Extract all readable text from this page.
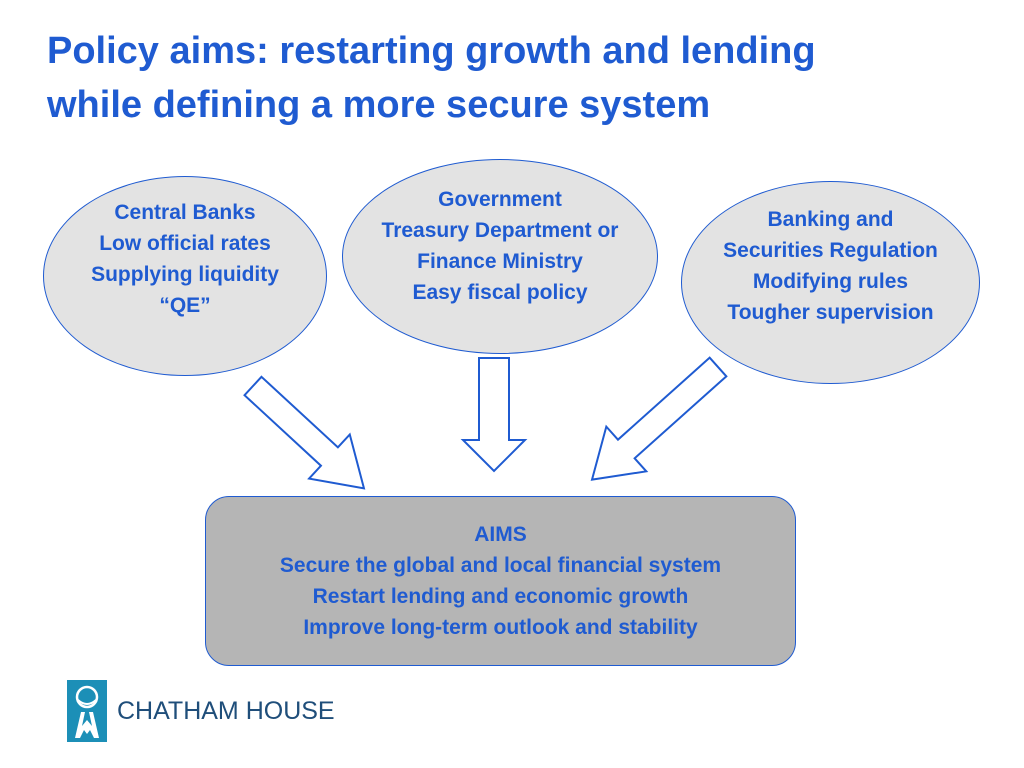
Policy aims: restarting growth and lending
while defining a more secure system
Central Banks
Low official rates
Supplying liquidity
“QE”
Government
Treasury Department or
Finance Ministry
Easy fiscal policy
Banking and
Securities Regulation
Modifying rules
Tougher supervision
AIMS
Secure the global and local financial system
Restart lending and economic growth
Improve long-term outlook and stability
CHATHAM HOUSE
